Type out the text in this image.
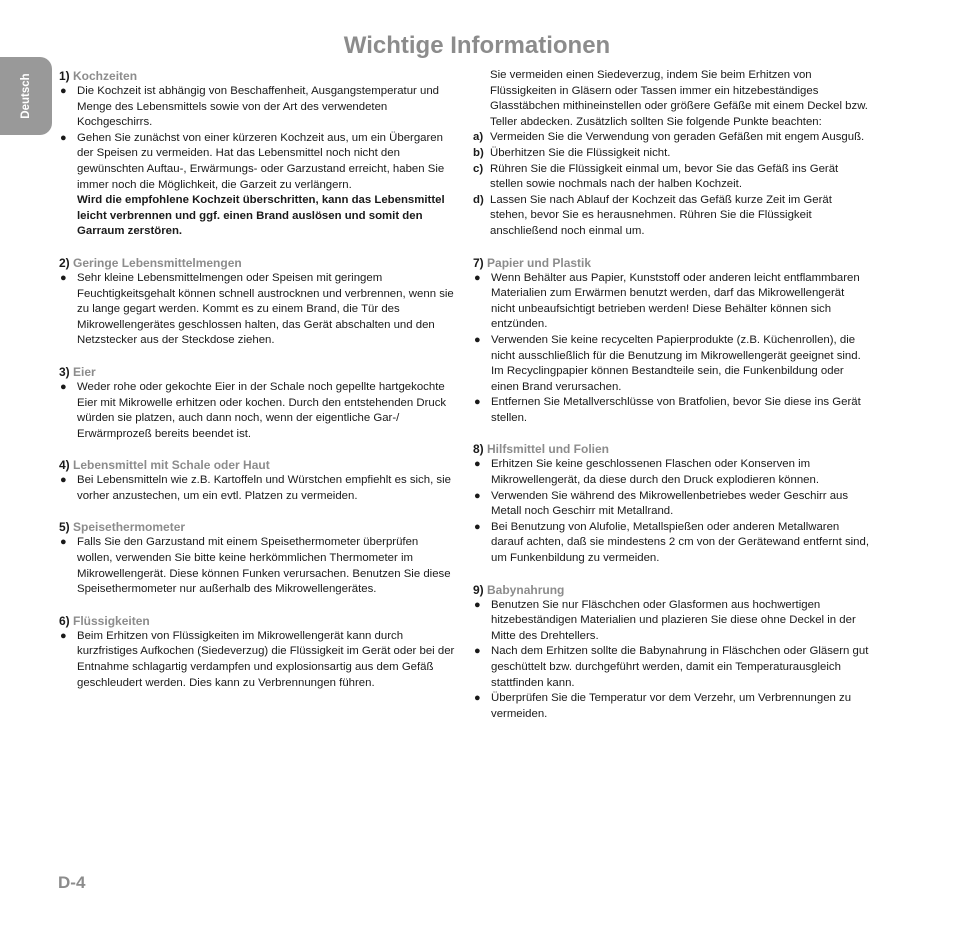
Wichtige Informationen
Deutsch 1) Kochzeiten
● Die Kochzeit ist abhängig von Beschaffenheit, Ausgangstemperatur und Menge des Lebensmittels sowie von der Art des verwendeten Kochgeschirrs.
● Gehen Sie zunächst von einer kürzeren Kochzeit aus, um ein Übergaren der Speisen zu vermeiden. Hat das Lebensmittel noch nicht den gewünschten Auftau-, Erwärmungs- oder Garzustand erreicht, haben Sie immer noch die Möglichkeit, die Garzeit zu verlängern.
Wird die empfohlene Kochzeit überschritten, kann das Lebensmittel leicht verbrennen und ggf. einen Brand auslösen und somit den Garraum zerstören.
2) Geringe Lebensmittelmengen
● Sehr kleine Lebensmittelmengen oder Speisen mit geringem Feuchtigkeitsgehalt können schnell austrocknen und verbrennen, wenn sie zu lange gegart werden. Kommt es zu einem Brand, die Tür des Mikrowellengerätes geschlossen halten, das Gerät abschalten und den Netzstecker aus der Steckdose ziehen.
3) Eier
● Weder rohe oder gekochte Eier in der Schale noch gepellte hartgekochte Eier mit Mikrowelle erhitzen oder kochen. Durch den entstehenden Druck würden sie platzen, auch dann noch, wenn der eigentliche Gar-/ Erwärmprozeß bereits beendet ist.
4) Lebensmittel mit Schale oder Haut
● Bei Lebensmitteln wie z.B. Kartoffeln und Würstchen empfiehlt es sich, sie vorher anzustechen, um ein evtl. Platzen zu vermeiden.
5) Speisethermometer
● Falls Sie den Garzustand mit einem Speisethermometer überprüfen wollen, verwenden Sie bitte keine herkömmlichen Thermometer im Mikrowellengerät. Diese können Funken verursachen. Benutzen Sie diese Speisethermometer nur außerhalb des Mikrowellengerätes.
6) Flüssigkeiten
● Beim Erhitzen von Flüssigkeiten im Mikrowellengerät kann durch kurzfristiges Aufkochen (Siedeverzug) die Flüssigkeit im Gerät oder bei der Entnahme schlagartig verdampfen und explosionsartig aus dem Gefäß geschleudert werden. Dies kann zu Verbrennungen führen.
Sie vermeiden einen Siedeverzug, indem Sie beim Erhitzen von Flüssigkeiten in Gläsern oder Tassen immer ein hitzebeständiges Glasstäbchen mithineinstellen oder größere Gefäße mit einem Deckel bzw. Teller abdecken. Zusätzlich sollten Sie folgende Punkte beachten:
a) Vermeiden Sie die Verwendung von geraden Gefäßen mit engem Ausguß.
b) Überhitzen Sie die Flüssigkeit nicht.
c) Rühren Sie die Flüssigkeit einmal um, bevor Sie das Gefäß ins Gerät stellen sowie nochmals nach der halben Kochzeit.
d) Lassen Sie nach Ablauf der Kochzeit das Gefäß kurze Zeit im Gerät stehen, bevor Sie es herausnehmen. Rühren Sie die Flüssigkeit anschließend noch einmal um.
7) Papier und Plastik
● Wenn Behälter aus Papier, Kunststoff oder anderen leicht entflammbaren Materialien zum Erwärmen benutzt werden, darf das Mikrowellengerät nicht unbeaufsichtigt betrieben werden! Diese Behälter können sich entzünden.
● Verwenden Sie keine recycelten Papierprodukte (z.B. Küchenrollen), die nicht ausschließlich für die Benutzung im Mikrowellengerät geeignet sind. Im Recyclingpapier können Bestandteile sein, die Funkenbildung oder einen Brand verursachen.
● Entfernen Sie Metallverschlüsse von Bratfolien, bevor Sie diese ins Gerät stellen.
8) Hilfsmittel und Folien
● Erhitzen Sie keine geschlossenen Flaschen oder Konserven im Mikrowellengerät, da diese durch den Druck explodieren können.
● Verwenden Sie während des Mikrowellenbetriebes weder Geschirr aus Metall noch Geschirr mit Metallrand.
● Bei Benutzung von Alufolie, Metallspießen oder anderen Metallwaren darauf achten, daß sie mindestens 2 cm von der Gerätewand entfernt sind, um Funkenbildung zu vermeiden.
9) Babynahrung
● Benutzen Sie nur Fläschchen oder Glasformen aus hochwertigen hitzebeständigen Materialien und plazieren Sie diese ohne Deckel in der Mitte des Drehtellers.
● Nach dem Erhitzen sollte die Babynahrung in Fläschchen oder Gläsern gut geschüttelt bzw. durchgeführt werden, damit ein Temperaturausgleich stattfinden kann.
● Überprüfen Sie die Temperatur vor dem Verzehr, um Verbrennungen zu vermeiden.
D-4
